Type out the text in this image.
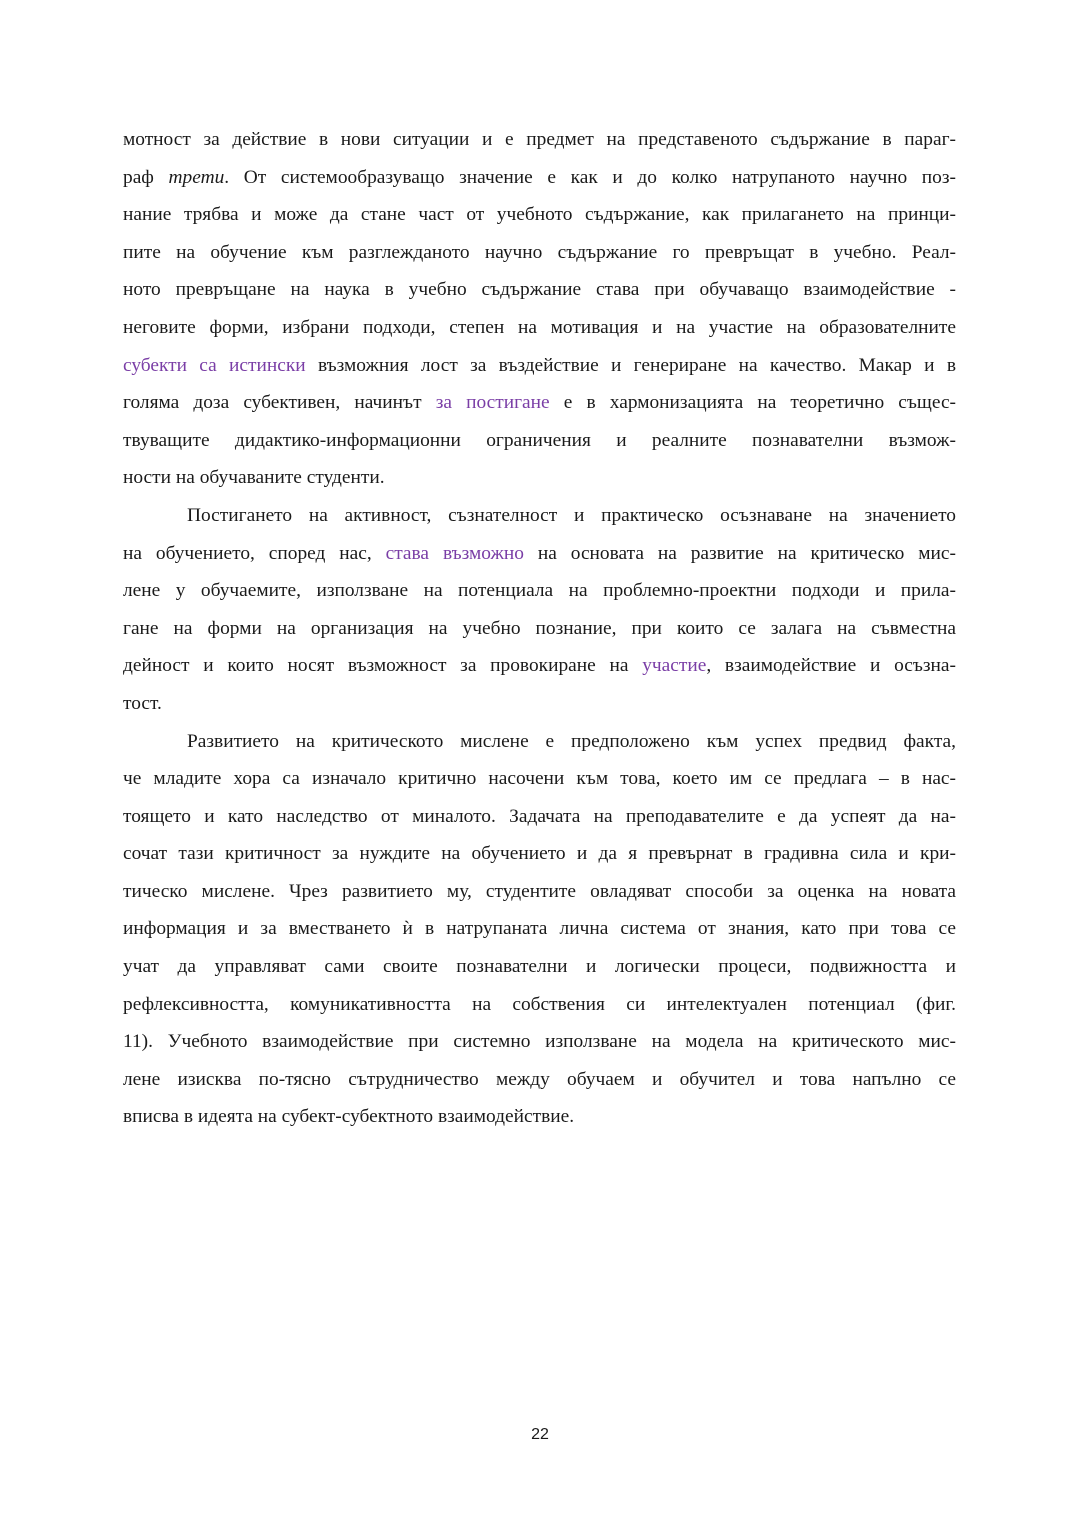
мотност за действие в нови ситуации и е предмет на представеното съдържание в параг-
раф трети. От системообразуващо значение е как и до колко натрупаното научно поз-
нание трябва и може да стане част от учебното съдържание, как прилагането на принци-
пите на обучение към разглежданото научно съдържание го превръщат в учебно. Реал-
ното превръщане на наука в учебно съдържание става при обучаващо взаимодействие -
неговите форми, избрани подходи, степен на мотивация и на участие на образователните
субекти са истински възможния лост за въздействие и генериране на качество. Макар и в
голяма доза субективен, начинът за постигане е в хармонизацията на теоретично същес-
твуващите дидактико-информационни ограничения и реалните познавателни възмож-
ности на обучаваните студенти.
Постигането на активност, съзнателност и практическо осъзнаване на значението
на обучението, според нас, става възможно на основата на развитие на критическо мис-
лене у обучаемите, използване на потенциала на проблемно-проектни подходи и прила-
гане на форми на организация на учебно познание, при които се залага на съвместна
дейност и които носят възможност за провокиране на участие, взаимодействие и осъзна-
тост.
Развитието на критическото мислене е предположено към успех предвид факта,
че младите хора са изначало критично насочени към това, което им се предлага – в нас-
тоящето и като наследство от миналото. Задачата на преподавателите е да успеят да на-
сочат тази критичност за нуждите на обучението и да я превърнат в градивна сила и кри-
тическо мислене. Чрез развитието му, студентите овладяват способи за оценка на новата
информация и за вместването ѝ в натрупаната лична система от знания, като при това се
учат да управляват сами своите познавателни и логически процеси, подвижността и
рефлексивността, комуникативността на собствения си интелектуален потенциал (фиг.
11). Учебното взаимодействие при системно използване на модела на критическото мис-
лене изисква по-тясно сътрудничество между обучаем и обучител и това напълно се
вписва в идеята на субект-субектното взаимодействие.
22
